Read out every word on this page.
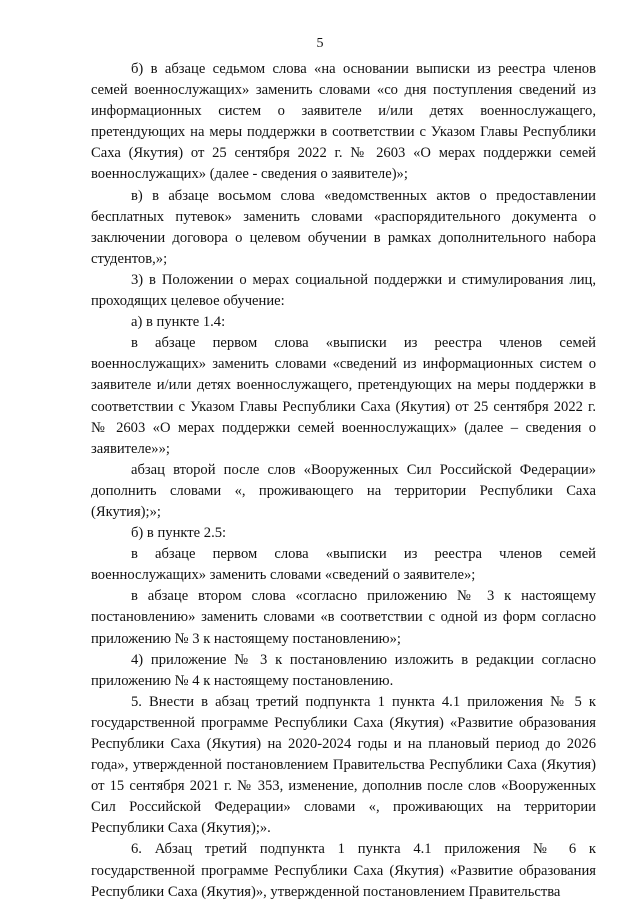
5

б) в абзаце седьмом слова «на основании выписки из реестра членов семей военнослужащих» заменить словами «со дня поступления сведений из информационных систем о заявителе и/или детях военнослужащего, претендующих на меры поддержки в соответствии с Указом Главы Республики Саха (Якутия) от 25 сентября 2022 г. № 2603 «О мерах поддержки семей военнослужащих» (далее - сведения о заявителе)»;

в) в абзаце восьмом слова «ведомственных актов о предоставлении бесплатных путевок» заменить словами «распорядительного документа о заключении договора о целевом обучении в рамках дополнительного набора студентов,»;

3) в Положении о мерах социальной поддержки и стимулирования лиц, проходящих целевое обучение:

а) в пункте 1.4:

в абзаце первом слова «выписки из реестра членов семей военнослужащих» заменить словами «сведений из информационных систем о заявителе и/или детях военнослужащего, претендующих на меры поддержки в соответствии с Указом Главы Республики Саха (Якутия) от 25 сентября 2022 г. № 2603 «О мерах поддержки семей военнослужащих» (далее – сведения о заявителе»»;

абзац второй после слов «Вооруженных Сил Российской Федерации» дополнить словами «, проживающего на территории Республики Саха (Якутия);»;

б) в пункте 2.5:

в абзаце первом слова «выписки из реестра членов семей военнослужащих» заменить словами «сведений о заявителе»;

в абзаце втором слова «согласно приложению № 3 к настоящему постановлению» заменить словами «в соответствии с одной из форм согласно приложению № 3 к настоящему постановлению»;

4) приложение № 3 к постановлению изложить в редакции согласно приложению № 4 к настоящему постановлению.

5. Внести в абзац третий подпункта 1 пункта 4.1 приложения № 5 к государственной программе Республики Саха (Якутия) «Развитие образования Республики Саха (Якутия) на 2020-2024 годы и на плановый период до 2026 года», утвержденной постановлением Правительства Республики Саха (Якутия) от 15 сентября 2021 г. № 353, изменение, дополнив после слов «Вооруженных Сил Российской Федерации» словами «, проживающих на территории Республики Саха (Якутия);».

6. Абзац третий подпункта 1 пункта 4.1 приложения № 6 к государственной программе Республики Саха (Якутия) «Развитие образования Республики Саха (Якутия)», утвержденной постановлением Правительства
